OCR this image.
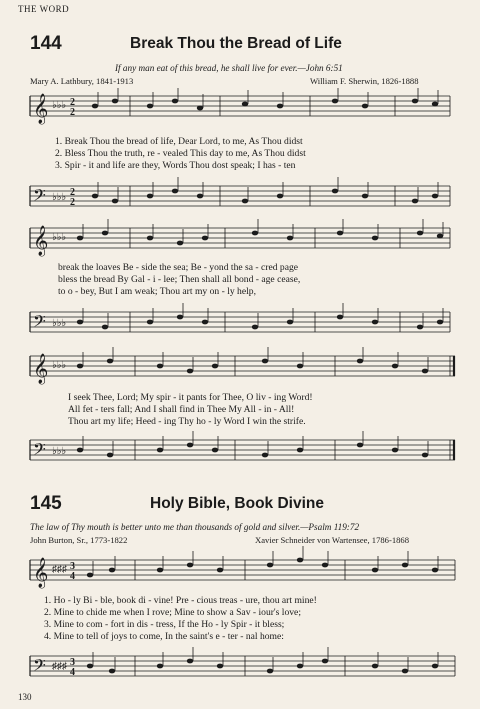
THE WORD
144	Break Thou the Bread of Life
If any man eat of this bread, he shall live for ever.—John 6:51
Mary A. Lathbury, 1841-1913	William F. Sherwin, 1826-1888
𝄞 ♭♭♭ 2
2
1. Break Thou the bread of life, Dear Lord, to me, As Thou didst
2. Bless Thou the truth, re - vealed This day to me, As Thou didst
3. Spir - it and life are they, Words Thou dost speak; I has - ten
𝄢 ♭♭♭ 2
2
𝄞 ♭♭♭
break the loaves Be - side the sea; Be - yond the sa - cred page
bless the bread By Gal - i - lee; Then shall all bond - age cease,
to o - bey, But I am weak; Thou art my on - ly help,
𝄢 ♭♭♭
𝄞 ♭♭♭
I seek Thee, Lord; My spir - it pants for Thee, O liv - ing Word!
All fet - ters fall; And I shall find in Thee My All - in - All!
Thou art my life; Heed - ing Thy ho - ly Word I win the strife.
𝄢 ♭♭♭
145	Holy Bible, Book Divine
The law of Thy mouth is better unto me than thousands of gold and silver.—Psalm 119:72
John Burton, Sr., 1773-1822	Xavier Schneider von Wartensee, 1786-1868
𝄞 ♯♯♯ 3
4
1. Ho - ly Bi - ble, book di - vine! Pre - cious treas - ure, thou art mine!
2. Mine to chide me when I rove; Mine to show a Sav - iour's love;
3. Mine to com - fort in dis - tress, If the Ho - ly Spir - it bless;
4. Mine to tell of joys to come, In the saint's e - ter - nal home:
𝄢 ♯♯♯ 3
4
130
